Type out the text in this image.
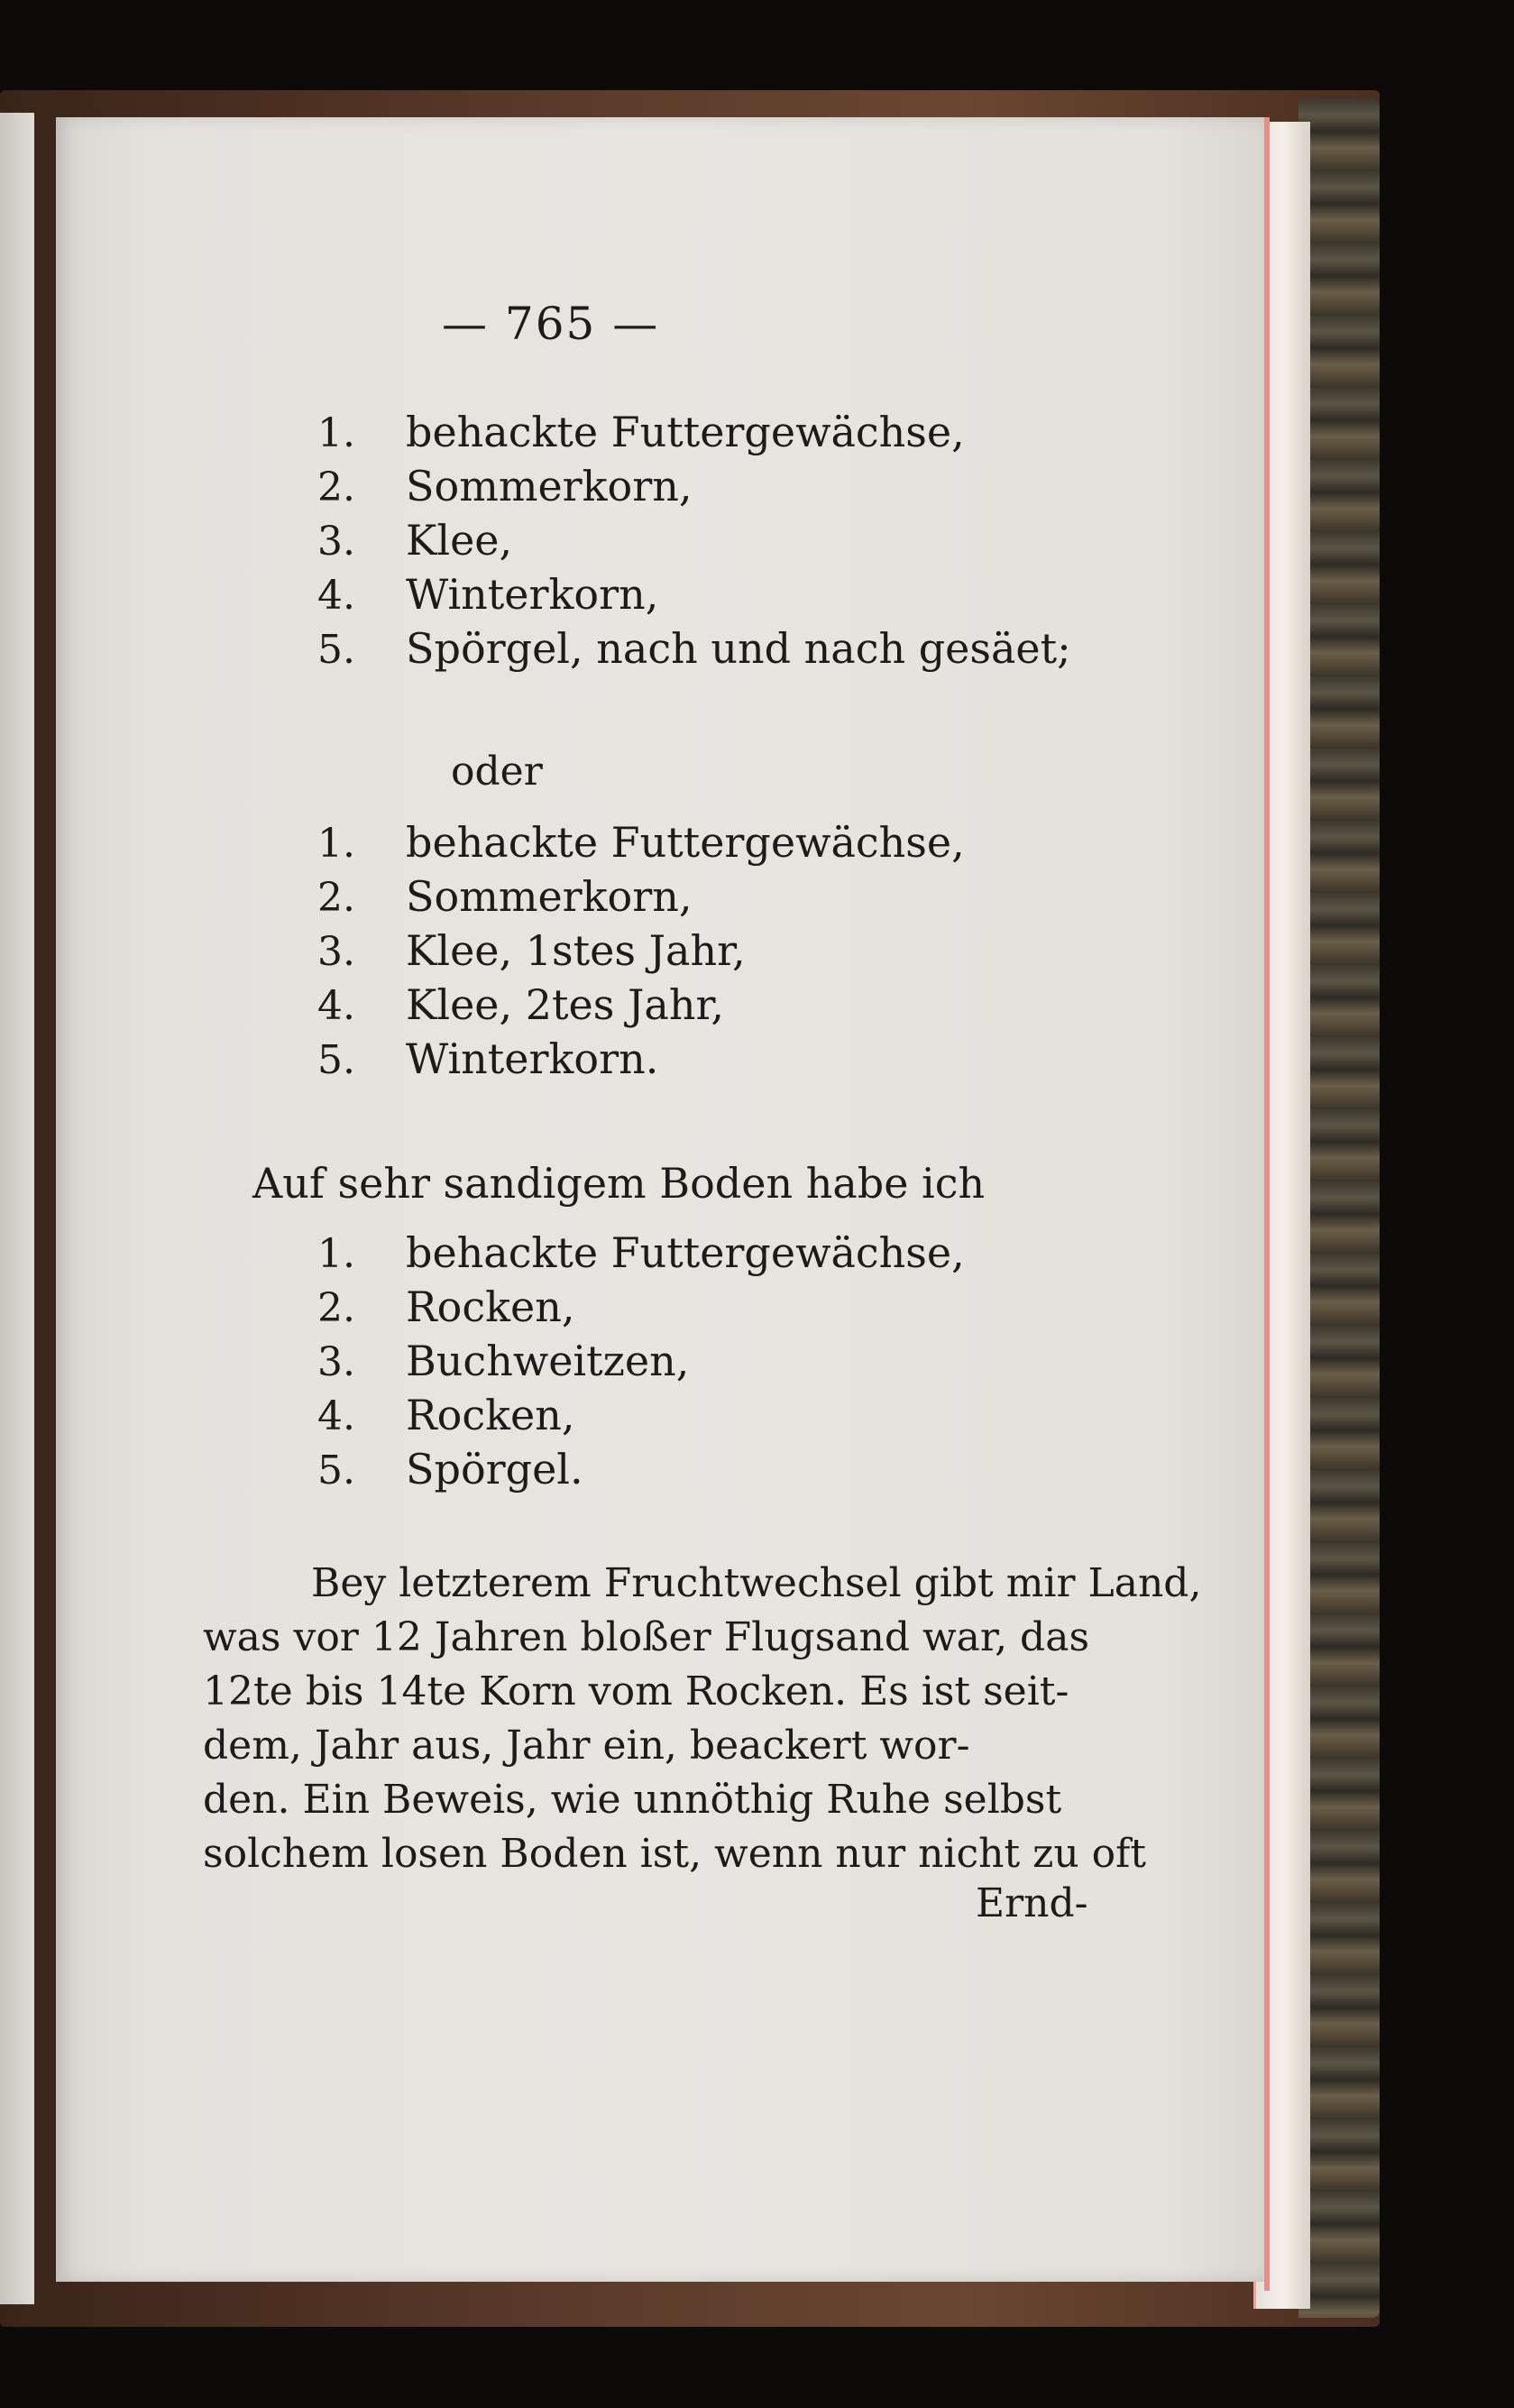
— 765 —
1. behackte Futtergewächse,
2. Sommerkorn,
3. Klee,
4. Winterkorn,
5. Spörgel, nach und nach gesäet;
oder
1. behackte Futtergewächse,
2. Sommerkorn,
3. Klee, 1stes Jahr,
4. Klee, 2tes Jahr,
5. Winterkorn.
Auf sehr sandigem Boden habe ich
1. behackte Futtergewächse,
2. Rocken,
3. Buchweitzen,
4. Rocken,
5. Spörgel.
Bey letzterem Fruchtwechsel gibt mir Land,
was vor 12 Jahren bloßer Flugsand war, das
12te bis 14te Korn vom Rocken. Es ist seit-
dem, Jahr aus, Jahr ein, beackert wor-
den. Ein Beweis, wie unnöthig Ruhe selbst
solchem losen Boden ist, wenn nur nicht zu oft
Ernd-
